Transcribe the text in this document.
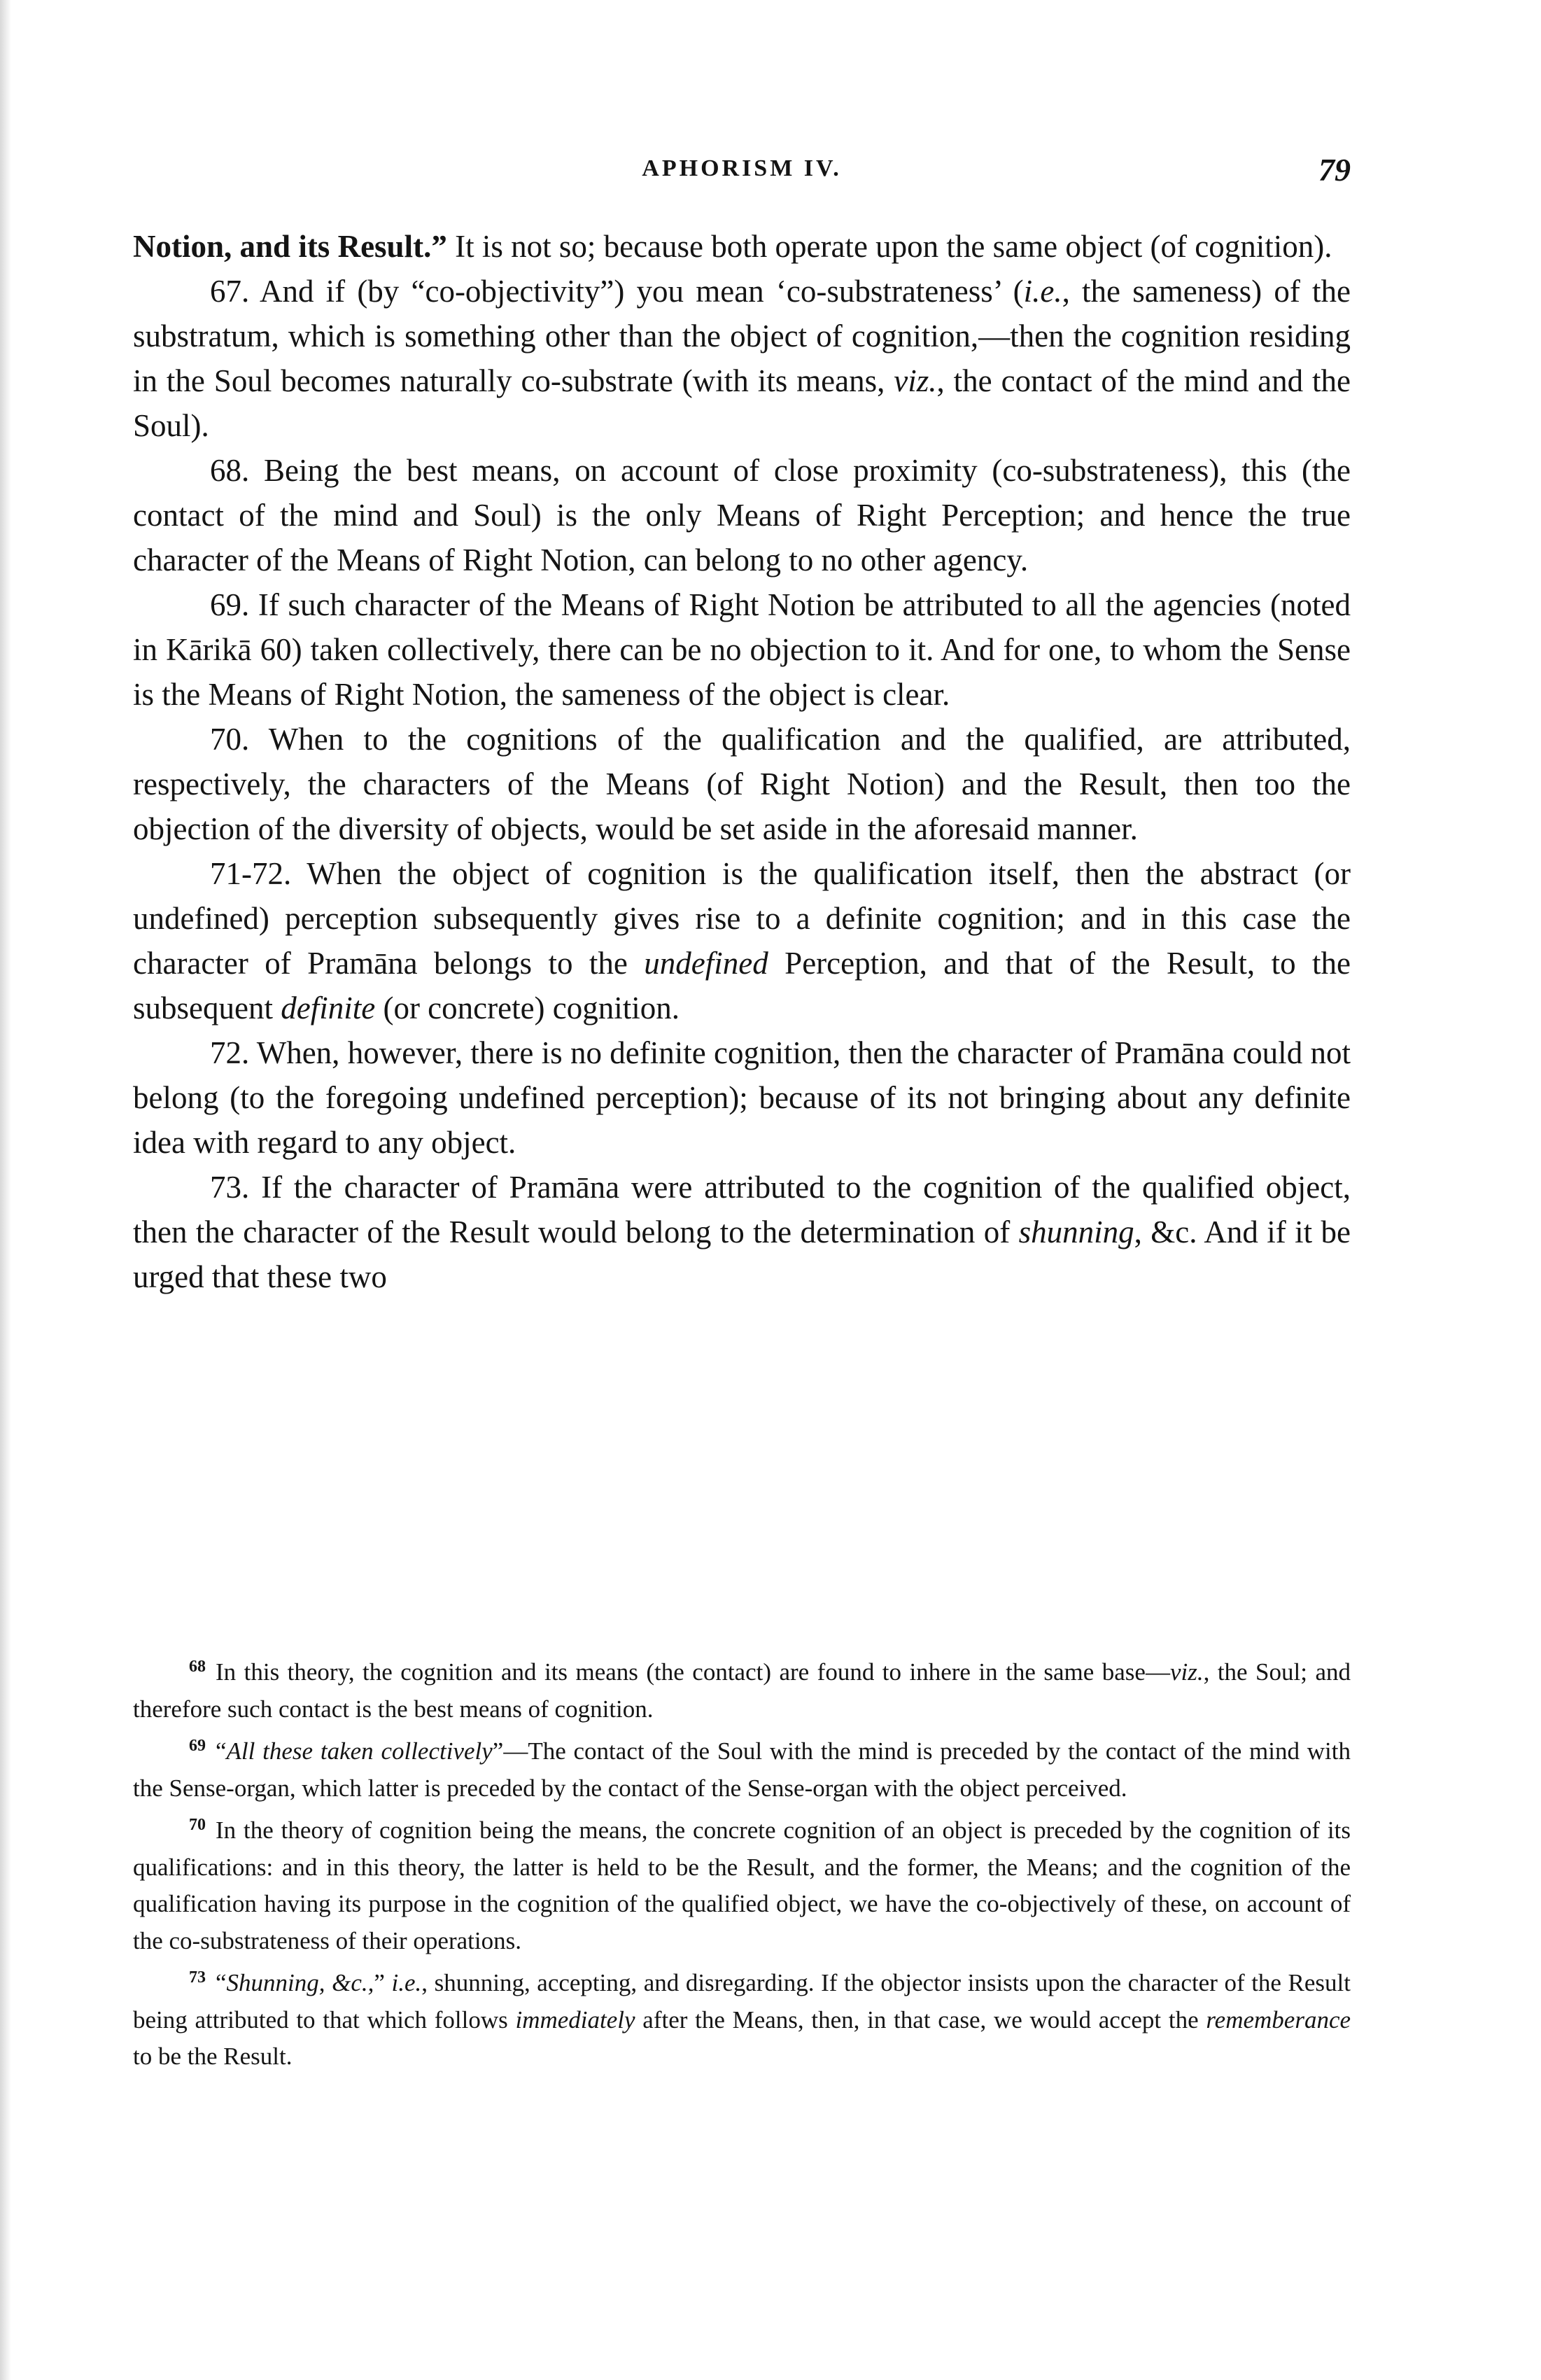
APHORISM IV.	79

Notion, and its Result.” It is not so; because both operate upon the same object (of cognition).

67. And if (by “co-objectivity”) you mean ‘co-substrateness’ (i.e., the sameness) of the substratum, which is something other than the object of cognition,—then the cognition residing in the Soul becomes naturally co-substrate (with its means, viz., the contact of the mind and the Soul).

68. Being the best means, on account of close proximity (co-substrateness), this (the contact of the mind and Soul) is the only Means of Right Perception; and hence the true character of the Means of Right Notion, can belong to no other agency.

69. If such character of the Means of Right Notion be attributed to all the agencies (noted in Kārikā 60) taken collectively, there can be no objection to it. And for one, to whom the Sense is the Means of Right Notion, the sameness of the object is clear.

70. When to the cognitions of the qualification and the qualified, are attributed, respectively, the characters of the Means (of Right Notion) and the Result, then too the objection of the diversity of objects, would be set aside in the aforesaid manner.

71-72. When the object of cognition is the qualification itself, then the abstract (or undefined) perception subsequently gives rise to a definite cognition; and in this case the character of Pramāna belongs to the undefined Perception, and that of the Result, to the subsequent definite (or concrete) cognition.

72. When, however, there is no definite cognition, then the character of Pramāna could not belong (to the foregoing undefined perception); because of its not bringing about any definite idea with regard to any object.

73. If the character of Pramāna were attributed to the cognition of the qualified object, then the character of the Result would belong to the determination of shunning, &c. And if it be urged that these two

$^{68}$ In this theory, the cognition and its means (the contact) are found to inhere in the same base—viz., the Soul; and therefore such contact is the best means of cognition.

$^{69}$ “All these taken collectively”—The contact of the Soul with the mind is preceded by the contact of the mind with the Sense-organ, which latter is preceded by the contact of the Sense-organ with the object perceived.

$^{70}$ In the theory of cognition being the means, the concrete cognition of an object is preceded by the cognition of its qualifications: and in this theory, the latter is held to be the Result, and the former, the Means; and the cognition of the qualification having its purpose in the cognition of the qualified object, we have the co-objectively of these, on account of the co-substrateness of their operations.

$^{73}$ “Shunning, &c.,” i.e., shunning, accepting, and disregarding. If the objector insists upon the character of the Result being attributed to that which follows immediately after the Means, then, in that case, we would accept the rememberance to be the Result.
